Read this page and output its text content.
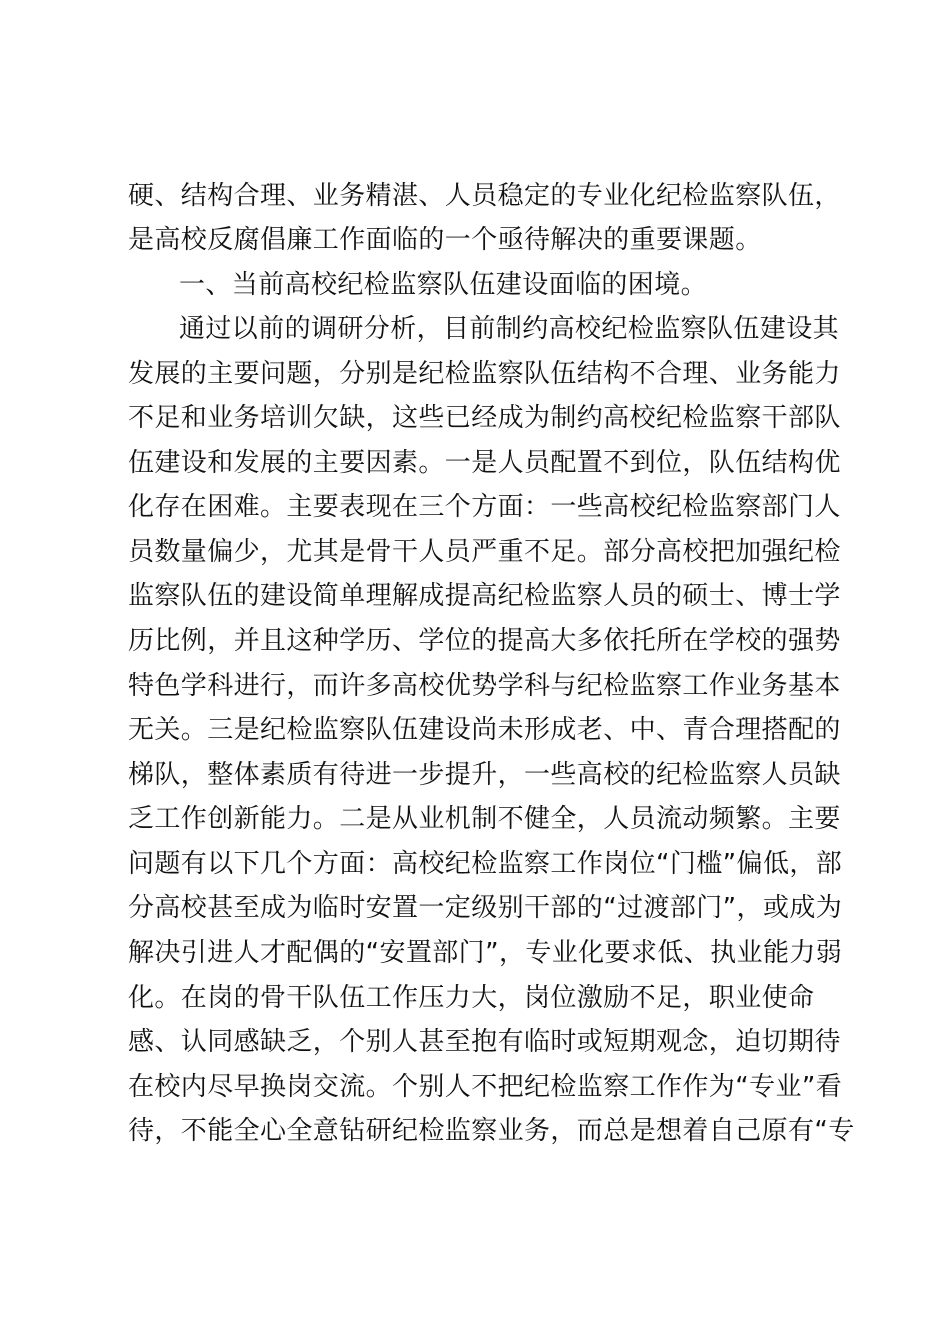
硬、结构合理、业务精湛、人员稳定的专业化纪检监察队伍，
是高校反腐倡廉工作面临的一个亟待解决的重要课题。
一、当前高校纪检监察队伍建设面临的困境。
通过以前的调研分析，目前制约高校纪检监察队伍建设其
发展的主要问题，分别是纪检监察队伍结构不合理、业务能力
不足和业务培训欠缺，这些已经成为制约高校纪检监察干部队
伍建设和发展的主要因素。一是人员配置不到位，队伍结构优
化存在困难。主要表现在三个方面：一些高校纪检监察部门人
员数量偏少，尤其是骨干人员严重不足。部分高校把加强纪检
监察队伍的建设简单理解成提高纪检监察人员的硕士、博士学
历比例，并且这种学历、学位的提高大多依托所在学校的强势
特色学科进行，而许多高校优势学科与纪检监察工作业务基本
无关。三是纪检监察队伍建设尚未形成老、中、青合理搭配的
梯队，整体素质有待进一步提升，一些高校的纪检监察人员缺
乏工作创新能力。二是从业机制不健全，人员流动频繁。主要
问题有以下几个方面：高校纪检监察工作岗位“门槛”偏低，部
分高校甚至成为临时安置一定级别干部的“过渡部门”，或成为
解决引进人才配偶的“安置部门”，专业化要求低、执业能力弱
化。在岗的骨干队伍工作压力大，岗位激励不足，职业使命
感、认同感缺乏，个别人甚至抱有临时或短期观念，迫切期待
在校内尽早换岗交流。个别人不把纪检监察工作作为“专业”看
待，不能全心全意钻研纪检监察业务，而总是想着自己原有“专
